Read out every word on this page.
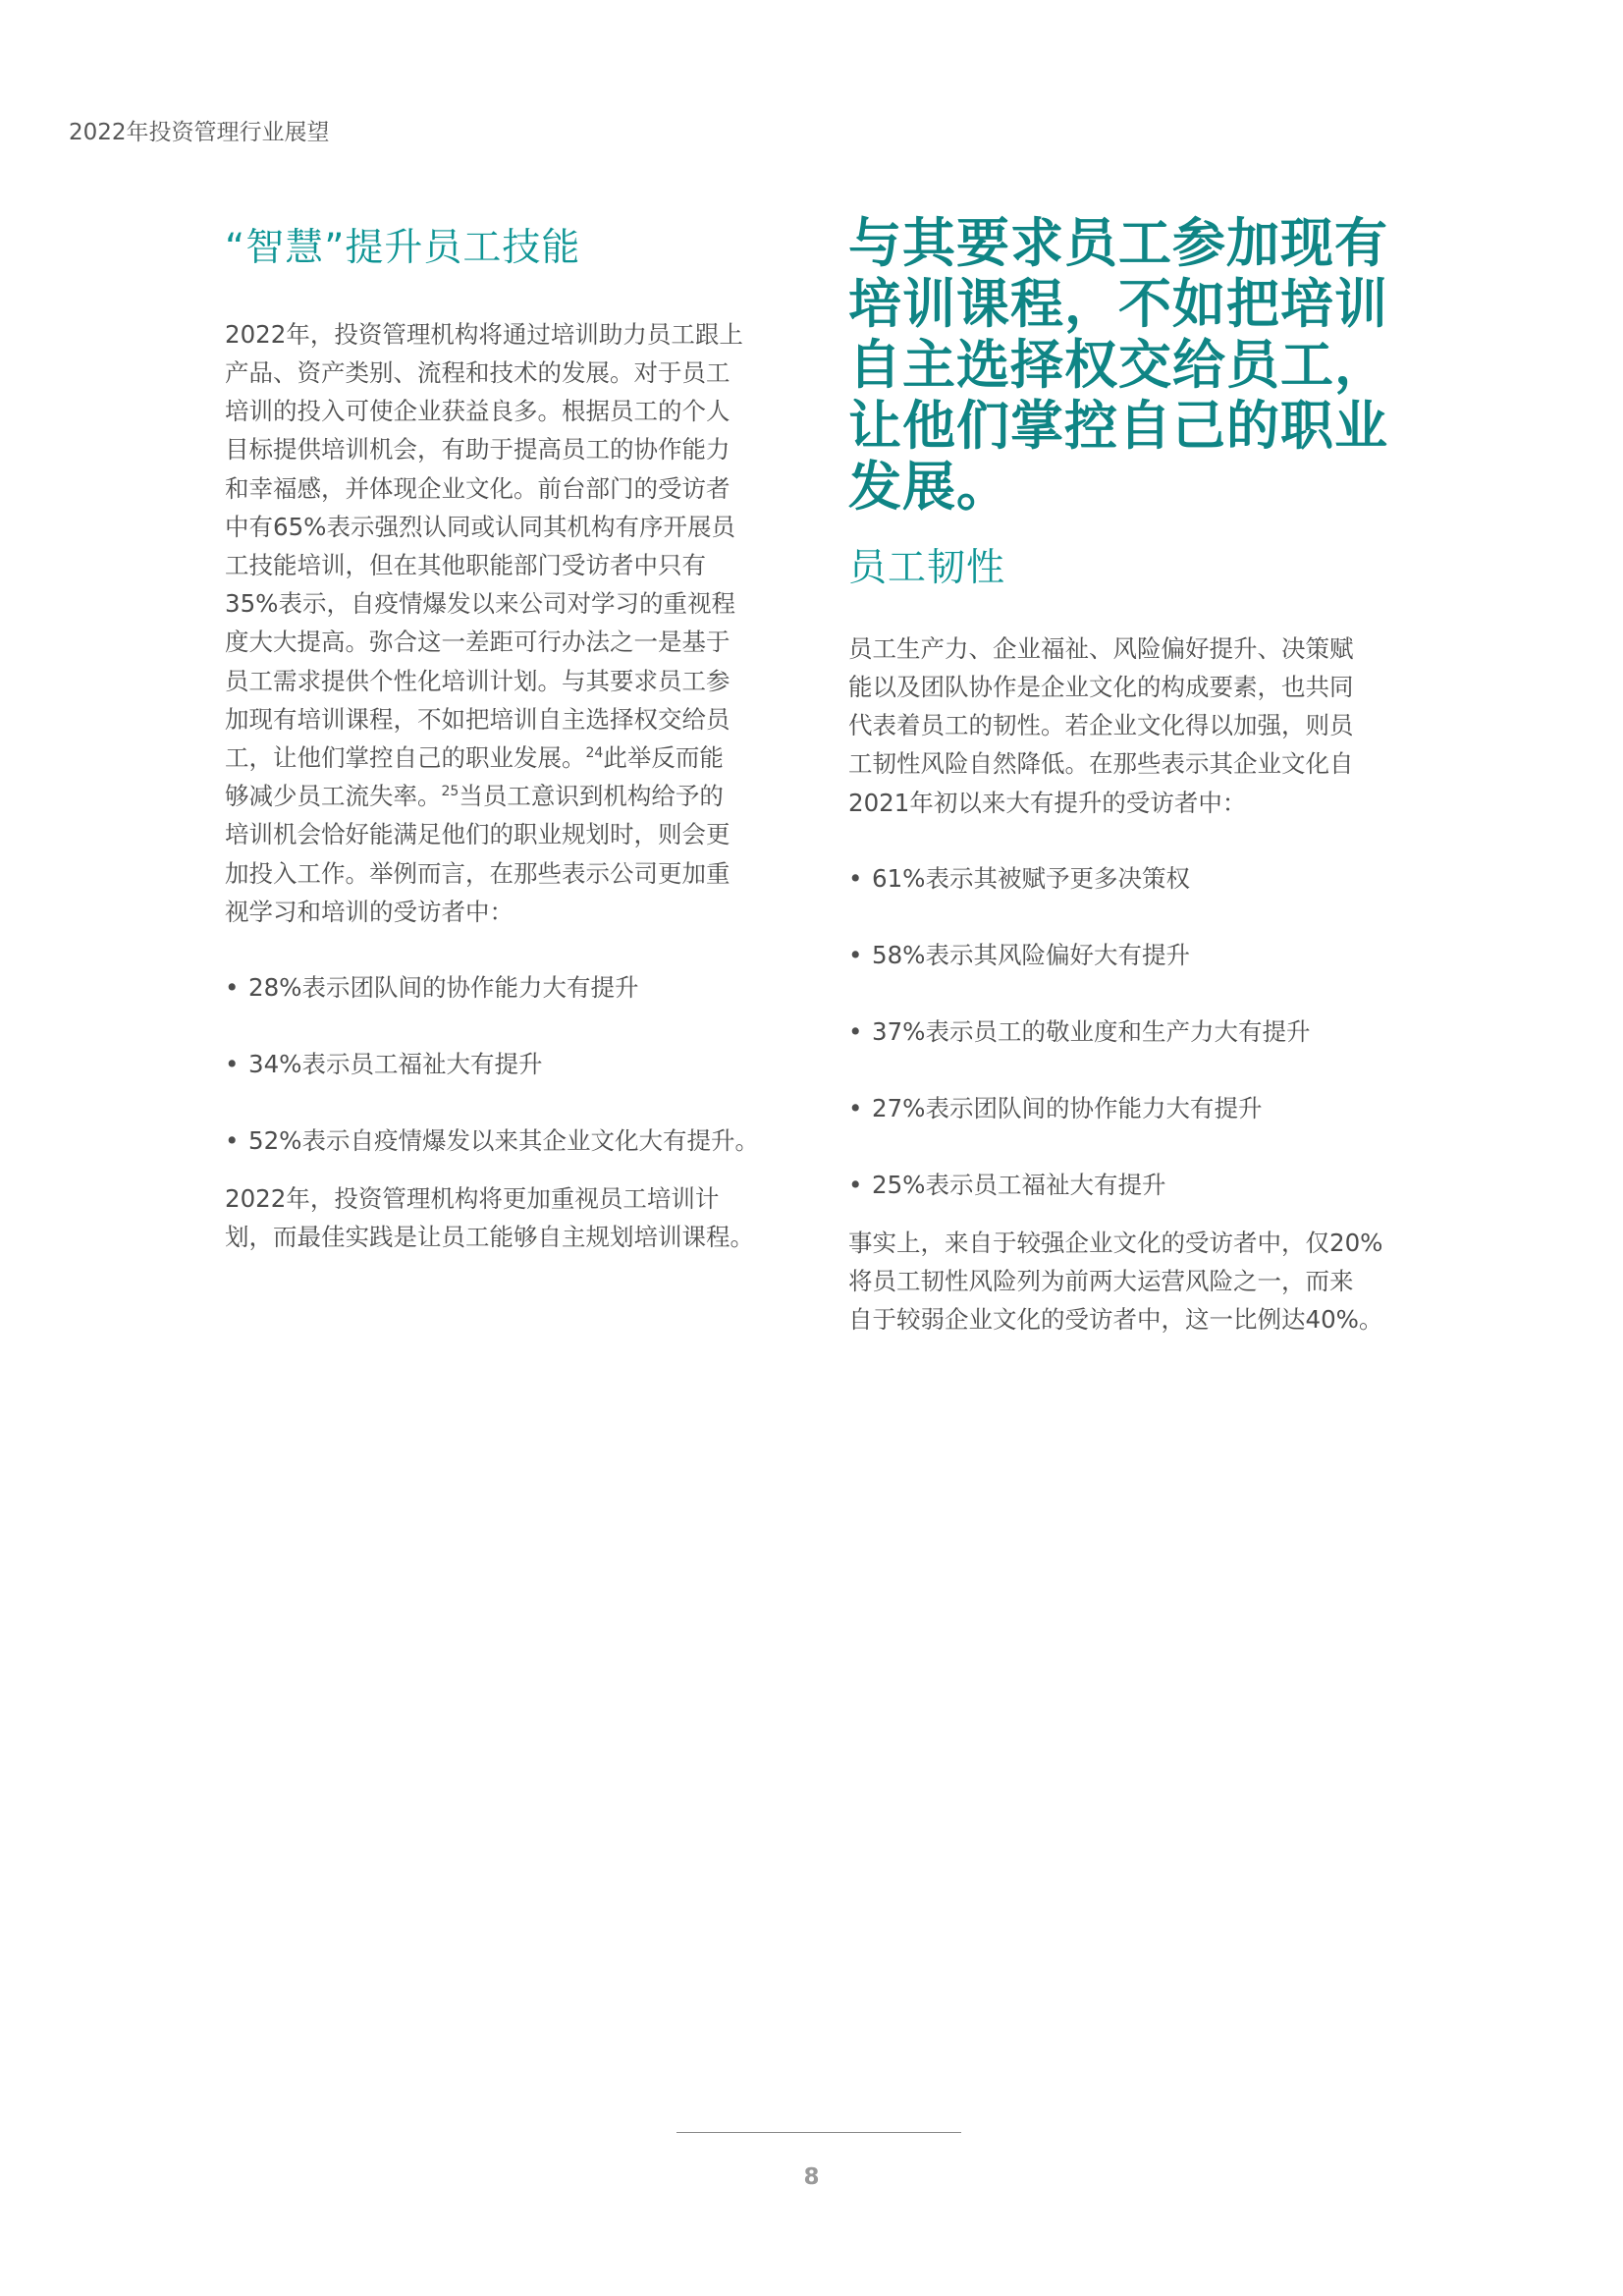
2022年投资管理行业展望
“智慧”提升员工技能

2022年，投资管理机构将通过培训助力员工跟上

产品、资产类别、流程和技术的发展。对于员工

培训的投入可使企业获益良多。根据员工的个人

目标提供培训机会，有助于提高员工的协作能力

和幸福感，并体现企业文化。前台部门的受访者

中有65%表示强烈认同或认同其机构有序开展员

工技能培训，但在其他职能部门受访者中只有

35%表示，自疫情爆发以来公司对学习的重视程

度大大提高。弥合这一差距可行办法之一是基于

员工需求提供个性化培训计划。与其要求员工参

加现有培训课程，不如把培训自主选择权交给员

工，让他们掌控自己的职业发展。$^{24}$此举反而能

够减少员工流失率。$^{25}$当员工意识到机构给予的

培训机会恰好能满足他们的职业规划时，则会更

加投入工作。举例而言，在那些表示公司更加重

视学习和培训的受访者中：

• 28%表示团队间的协作能力大有提升
• 34%表示员工福祉大有提升
• 52%表示自疫情爆发以来其企业文化大有提升。

2022年，投资管理机构将更加重视员工培训计

划，而最佳实践是让员工能够自主规划培训课程。

与其要求员工参加现有

培训课程，不如把培训

自主选择权交给员工，

让他们掌控自己的职业

发展。

员工韧性

员工生产力、企业福祉、风险偏好提升、决策赋

能以及团队协作是企业文化的构成要素，也共同

代表着员工的韧性。若企业文化得以加强，则员

工韧性风险自然降低。在那些表示其企业文化自

2021年初以来大有提升的受访者中：

• 61%表示其被赋予更多决策权
• 58%表示其风险偏好大有提升
• 37%表示员工的敬业度和生产力大有提升
• 27%表示团队间的协作能力大有提升
• 25%表示员工福祉大有提升

事实上，来自于较强企业文化的受访者中，仅20%

将员工韧性风险列为前两大运营风险之一，而来

自于较弱企业文化的受访者中，这一比例达40%。

8
